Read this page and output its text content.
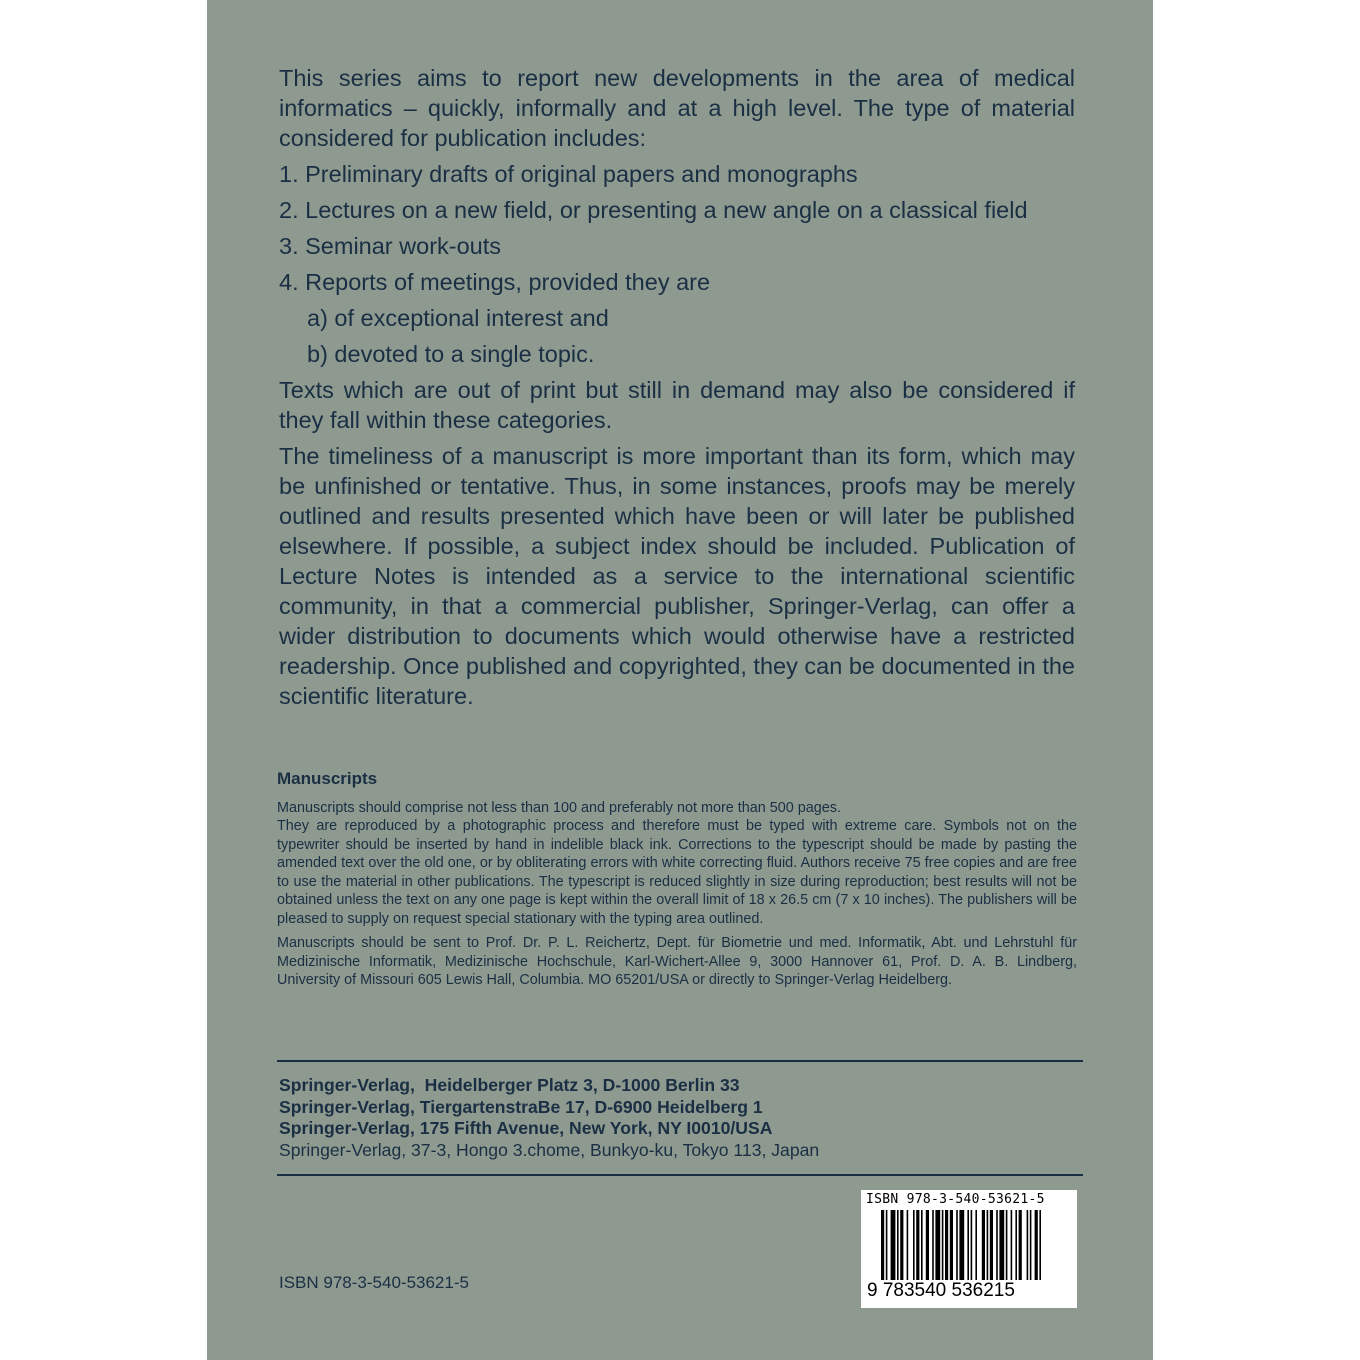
This series aims to report new developments in the area of medical informatics – quickly, informally and at a high level. The type of material considered for publication includes:

1. Preliminary drafts of original papers and monographs

2. Lectures on a new field, or presenting a new angle on a classical field

3. Seminar work-outs

4. Reports of meetings, provided they are

a) of exceptional interest and

b) devoted to a single topic.

Texts which are out of print but still in demand may also be considered if they fall within these categories.

The timeliness of a manuscript is more important than its form, which may be unfinished or tentative. Thus, in some instances, proofs may be merely outlined and results presented which have been or will later be published elsewhere. If possible, a subject index should be included. Publication of Lecture Notes is intended as a service to the international scientific community, in that a commercial publisher, Springer-Verlag, can offer a wider distribution to documents which would otherwise have a restricted readership. Once published and copyrighted, they can be documented in the scientific literature.

Manuscripts

Manuscripts should comprise not less than 100 and preferably not more than 500 pages.

They are reproduced by a photographic process and therefore must be typed with extreme care. Symbols not on the typewriter should be inserted by hand in indelible black ink. Corrections to the typescript should be made by pasting the amended text over the old one, or by obliterating errors with white correcting fluid. Authors receive 75 free copies and are free to use the material in other publications. The typescript is reduced slightly in size during reproduction; best results will not be obtained unless the text on any one page is kept within the overall limit of 18 x 26.5 cm (7 x 10 inches). The publishers will be pleased to supply on request special stationary with the typing area outlined.

Manuscripts should be sent to Prof. Dr. P. L. Reichertz, Dept. für Biometrie und med. Informatik, Abt. und Lehrstuhl für Medizinische Informatik, Medizinische Hochschule, Karl-Wichert-Allee 9, 3000 Hannover 61, Prof. D. A. B. Lindberg, University of Missouri 605 Lewis Hall, Columbia. MO 65201/USA or directly to Springer-Verlag Heidelberg.

Springer-Verlag,  Heidelberger Platz 3, D-1000 Berlin 33
Springer-Verlag, TiergartenstraBe 17, D-6900 Heidelberg 1
Springer-Verlag, 175 Fifth Avenue, New York, NY I0010/USA
Springer-Verlag, 37-3, Hongo 3.chome, Bunkyo-ku, Tokyo 113, Japan
ISBN 978-3-540-53621-5
ISBN 978-3-540-53621-5
9 783540 536215
